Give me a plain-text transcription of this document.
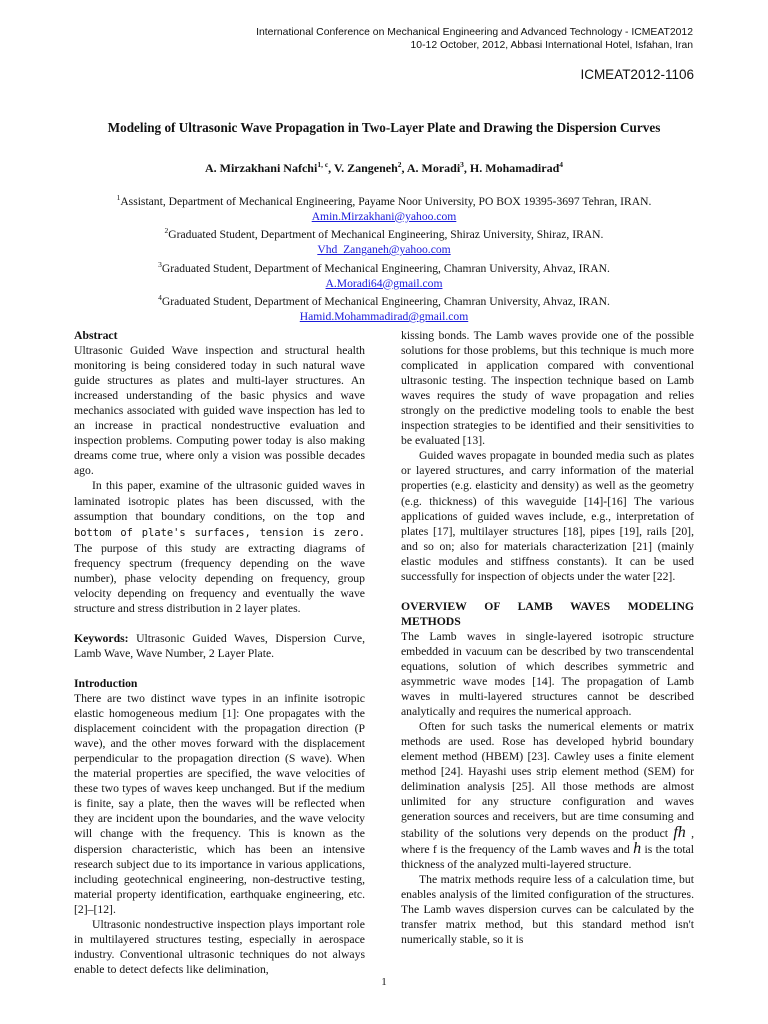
International Conference on Mechanical Engineering and Advanced Technology - ICMEAT2012
10-12 October, 2012, Abbasi International Hotel, Isfahan, Iran
ICMEAT2012-1106
Modeling of Ultrasonic Wave Propagation in Two-Layer Plate and Drawing the Dispersion Curves
A. Mirzakhani Nafchi$^{1, c}$, V. Zangeneh$^2$, A. Moradi$^3$, H. Mohamadirad$^4$
$^1$Assistant, Department of Mechanical Engineering, Payame Noor University, PO BOX 19395-3697 Tehran, IRAN.
Amin.Mirzakhani@yahoo.com
$^2$Graduated Student, Department of Mechanical Engineering, Shiraz University, Shiraz, IRAN.
Vhd_Zanganeh@yahoo.com
$^3$Graduated Student, Department of Mechanical Engineering, Chamran University, Ahvaz, IRAN.
A.Moradi64@gmail.com
$^4$Graduated Student, Department of Mechanical Engineering, Chamran University, Ahvaz, IRAN.
Hamid.Mohammadirad@gmail.com

Abstract

Ultrasonic Guided Wave inspection and structural health monitoring is being considered today in such natural wave guide structures as plates and multi-layer structures. An increased understanding of the basic physics and wave mechanics associated with guided wave inspection has led to an increase in practical nondestructive evaluation and inspection problems. Computing power today is also making dreams come true, where only a vision was possible decades ago.

In this paper, examine of the ultrasonic guided waves in laminated isotropic plates has been discussed, with the assumption that boundary conditions, on the top and bottom of plate's surfaces, tension is zero. The purpose of this study are extracting diagrams of frequency spectrum (frequency depending on the wave number), phase velocity depending on frequency, group velocity depending on frequency and eventually the wave structure and stress distribution in 2 layer plates.

Keywords: Ultrasonic Guided Waves, Dispersion Curve, Lamb Wave, Wave Number, 2 Layer Plate.

Introduction

There are two distinct wave types in an infinite isotropic elastic homogeneous medium [1]: One propagates with the displacement coincident with the propagation direction (P wave), and the other moves forward with the displacement perpendicular to the propagation direction (S wave). When the material properties are specified, the wave velocities of these two types of waves keep unchanged. But if the medium is finite, say a plate, then the waves will be reflected when they are incident upon the boundaries, and the wave velocity will change with the frequency. This is known as the dispersion characteristic, which has been an intensive research subject due to its importance in various applications, including geotechnical engineering, non-destructive testing, material property identification, earthquake engineering, etc. [2]–[12].

Ultrasonic nondestructive inspection plays important role in multilayered structures testing, especially in aerospace industry. Conventional ultrasonic techniques do not always enable to detect defects like delimination,

kissing bonds. The Lamb waves provide one of the possible solutions for those problems, but this technique is much more complicated in application compared with conventional ultrasonic testing. The inspection technique based on Lamb waves requires the study of wave propagation and relies strongly on the predictive modeling tools to enable the best inspection strategies to be identified and their sensitivities to be evaluated [13].

Guided waves propagate in bounded media such as plates or layered structures, and carry information of the material properties (e.g. elasticity and density) as well as the geometry (e.g. thickness) of this waveguide [14]-[16] The various applications of guided waves include, e.g., interpretation of plates [17], multilayer structures [18], pipes [19], rails [20], and so on; also for materials characterization [21] (mainly elastic modules and stiffness constants). It can be used successfully for inspection of objects under the water [22].

OVERVIEW OF LAMB WAVES MODELING METHODS

The Lamb waves in single-layered isotropic structure embedded in vacuum can be described by two transcendental equations, solution of which describes symmetric and asymmetric wave modes [14]. The propagation of Lamb waves in multi-layered structures cannot be described analytically and requires the numerical approach.

Often for such tasks the numerical elements or matrix methods are used. Rose has developed hybrid boundary element method (HBEM) [23]. Cawley uses a finite element method [24]. Hayashi uses strip element method (SEM) for delimination analysis [25]. All those methods are almost unlimited for any structure configuration and waves generation sources and receivers, but are time consuming and stability of the solutions very depends on the product fh , where f is the frequency of the Lamb waves and h is the total thickness of the analyzed multi-layered structure.

The matrix methods require less of a calculation time, but enables analysis of the limited configuration of the structures. The Lamb waves dispersion curves can be calculated by the transfer matrix method, but this standard method isn't numerically stable, so it is

1
